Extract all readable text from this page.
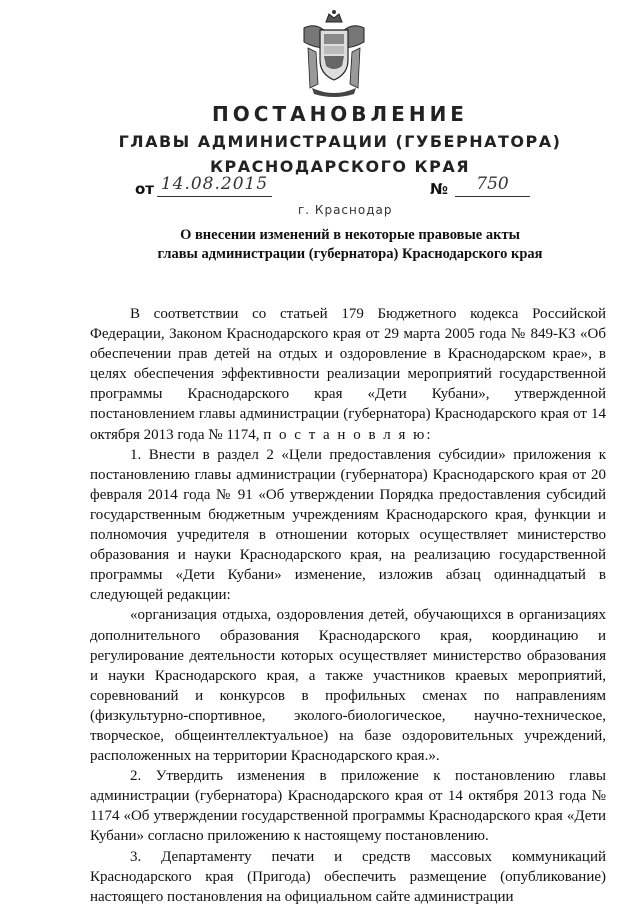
ПОСТАНОВЛЕНИЕ
ГЛАВЫ АДМИНИСТРАЦИИ (ГУБЕРНАТОРА)
КРАСНОДАРСКОГО КРАЯ
от 14.08.2015	№	750
г. Краснодар
О внесении изменений в некоторые правовые акты
главы администрации (губернатора) Краснодарского края

В соответствии со статьей 179 Бюджетного кодекса Российской Федерации, Законом Краснодарского края от 29 марта 2005 года № 849-КЗ «Об обеспечении прав детей на отдых и оздоровление в Краснодарском крае», в целях обеспечения эффективности реализации мероприятий государственной программы Краснодарского края «Дети Кубани», утвержденной постановлением главы администрации (губернатора) Краснодарского края от 14 октября 2013 года № 1174, п о с т а н о в л я ю:

1. Внести в раздел 2 «Цели предоставления субсидии» приложения к постановлению главы администрации (губернатора) Краснодарского края от 20 февраля 2014 года № 91 «Об утверждении Порядка предоставления субсидий государственным бюджетным учреждениям Краснодарского края, функции и полномочия учредителя в отношении которых осуществляет министерство образования и науки Краснодарского края, на реализацию государственной программы «Дети Кубани» изменение, изложив абзац одиннадцатый в следующей редакции:

«организация отдыха, оздоровления детей, обучающихся в организациях дополнительного образования Краснодарского края, координацию и регулирование деятельности которых осуществляет министерство образования и науки Краснодарского края, а также участников краевых мероприятий, соревнований и конкурсов в профильных сменах по направлениям (физкультурно-спортивное, эколого-биологическое, научно-техническое, творческое, общеинтеллектуальное) на базе оздоровительных учреждений, расположенных на территории Краснодарского края.».

2. Утвердить изменения в приложение к постановлению главы администрации (губернатора) Краснодарского края от 14 октября 2013 года № 1174 «Об утверждении государственной программы Краснодарского края «Дети Кубани» согласно приложению к настоящему постановлению.

3. Департаменту печати и средств массовых коммуникаций Краснодарского края (Пригода) обеспечить размещение (опубликование) настоящего постановления на официальном сайте администрации
